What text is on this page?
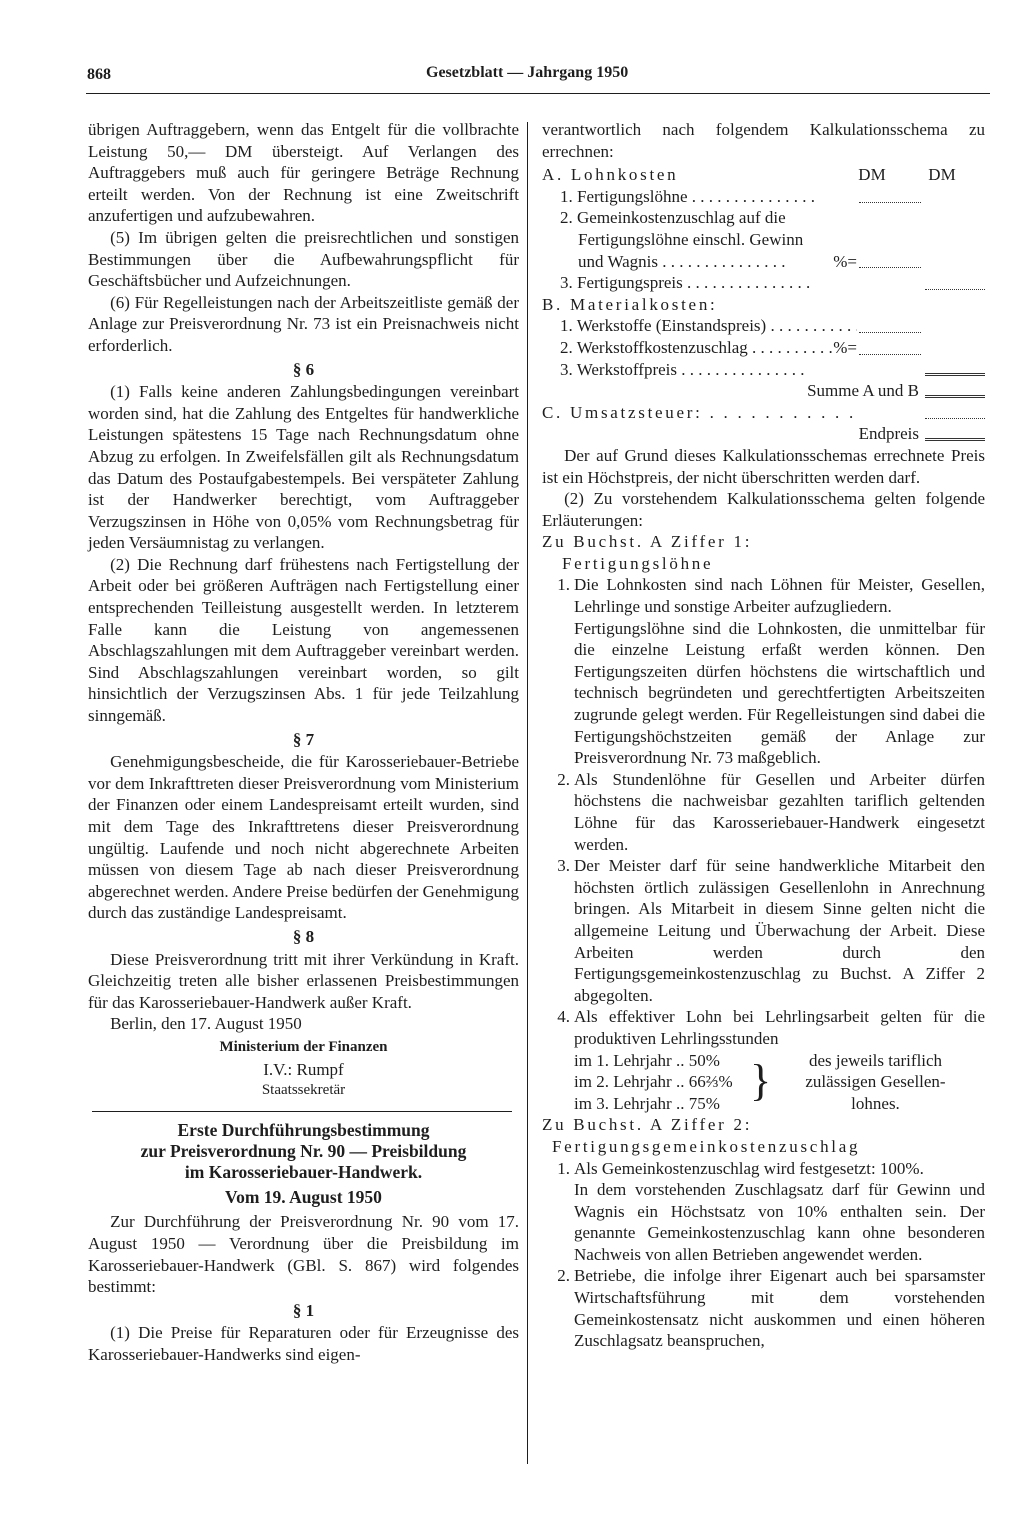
868	Gesetzblatt — Jahrgang 1950

übrigen Auftraggebern, wenn das Entgelt für die vollbrachte Leistung 50,— DM übersteigt. Auf Verlangen des Auftraggebers muß auch für geringere Beträge Rechnung erteilt werden. Von der Rechnung ist eine Zweitschrift anzufertigen und aufzubewahren.

(5) Im übrigen gelten die preisrechtlichen und sonstigen Bestimmungen über die Aufbewahrungspflicht für Geschäftsbücher und Aufzeichnungen.

(6) Für Regelleistungen nach der Arbeitszeitliste gemäß der Anlage zur Preisverordnung Nr. 73 ist ein Preisnachweis nicht erforderlich.

§ 6

(1) Falls keine anderen Zahlungsbedingungen vereinbart worden sind, hat die Zahlung des Entgeltes für handwerkliche Leistungen spätestens 15 Tage nach Rechnungsdatum ohne Abzug zu erfolgen. In Zweifelsfällen gilt als Rechnungsdatum das Datum des Postaufgabestempels. Bei verspäteter Zahlung ist der Handwerker berechtigt, vom Auftraggeber Verzugszinsen in Höhe von 0,05% vom Rechnungsbetrag für jeden Versäumnistag zu verlangen.

(2) Die Rechnung darf frühestens nach Fertigstellung der Arbeit oder bei größeren Aufträgen nach Fertigstellung einer entsprechenden Teilleistung ausgestellt werden. In letzterem Falle kann die Leistung von angemessenen Abschlagszahlungen mit dem Auftraggeber vereinbart werden. Sind Abschlagszahlungen vereinbart worden, so gilt hinsichtlich der Verzugszinsen Abs. 1 für jede Teilzahlung sinngemäß.

§ 7

Genehmigungsbescheide, die für Karosseriebauer-Betriebe vor dem Inkrafttreten dieser Preisverordnung vom Ministerium der Finanzen oder einem Landespreisamt erteilt wurden, sind mit dem Tage des Inkrafttretens dieser Preisverordnung ungültig. Laufende und noch nicht abgerechnete Arbeiten müssen von diesem Tage ab nach dieser Preisverordnung abgerechnet werden. Andere Preise bedürfen der Genehmigung durch das zuständige Landespreisamt.

§ 8

Diese Preisverordnung tritt mit ihrer Verkündung in Kraft. Gleichzeitig treten alle bisher erlassenen Preisbestimmungen für das Karosseriebauer-Handwerk außer Kraft.

Berlin, den 17. August 1950

Ministerium der Finanzen

I.V.: Rumpf

Staatssekretär

Erste Durchführungsbestimmung
zur Preisverordnung Nr. 90 — Preisbildung
im Karosseriebauer-Handwerk.
Vom 19. August 1950

Zur Durchführung der Preisverordnung Nr. 90 vom 17. August 1950 — Verordnung über die Preisbildung im Karosseriebauer-Handwerk (GBl. S. 867) wird folgendes bestimmt:

§ 1

(1) Die Preise für Reparaturen oder für Erzeugnisse des Karosseriebauer-Handwerks sind eigen-

verantwortlich nach folgendem Kalkulationsschema zu errechnen:

A. Lohnkosten	DM	DM
1. Fertigungslöhne . . .
2. Gemeinkostenzuschlag auf die
Fertigungslöhne einschl. Gewinn
und Wagnis . . .	%=
3. Fertigungspreis . . .
B. Materialkosten:
1. Werkstoffe (Einstandspreis) . . .
2. Werkstoffkostenzuschlag . . .	%=
3. Werkstoffpreis . . .
Summe A und B
C. Umsatzsteuer: . . .
Endpreis

Der auf Grund dieses Kalkulationsschemas errechnete Preis ist ein Höchstpreis, der nicht überschritten werden darf.

(2) Zu vorstehendem Kalkulationsschema gelten folgende Erläuterungen:

Zu Buchst. A Ziffer 1:
Fertigungslöhne
1. Die Lohnkosten sind nach Löhnen für Meister, Gesellen, Lehrlinge und sonstige Arbeiter aufzugliedern.
Fertigungslöhne sind die Lohnkosten, die unmittelbar für die einzelne Leistung erfaßt werden können. Den Fertigungszeiten dürfen höchstens die wirtschaftlich und technisch begründeten und gerechtfertigten Arbeitszeiten zugrunde gelegt werden. Für Regelleistungen sind dabei die Fertigungshöchstzeiten gemäß der Anlage zur Preisverordnung Nr. 73 maßgeblich.
2. Als Stundenlöhne für Gesellen und Arbeiter dürfen höchstens die nachweisbar gezahlten tariflich geltenden Löhne für das Karosseriebauer-Handwerk eingesetzt werden.
3. Der Meister darf für seine handwerkliche Mitarbeit den höchsten örtlich zulässigen Gesellenlohn in Anrechnung bringen. Als Mitarbeit in diesem Sinne gelten nicht die allgemeine Leitung und Überwachung der Arbeit. Diese Arbeiten werden durch den Fertigungsgemeinkostenzuschlag zu Buchst. A Ziffer 2 abgegolten.
4. Als effektiver Lohn bei Lehrlingsarbeit gelten für die produktiven Lehrlingsstunden
im 1. Lehrjahr .. 50%
im 2. Lehrjahr .. 66⅔%
im 3. Lehrjahr .. 75% }	des jeweils tariflich
zulässigen Gesellen-
lohnes.
Zu Buchst. A Ziffer 2:
Fertigungsgemeinkostenzuschlag
1. Als Gemeinkostenzuschlag wird festgesetzt: 100%.
In dem vorstehenden Zuschlagsatz darf für Gewinn und Wagnis ein Höchstsatz von 10% enthalten sein. Der genannte Gemeinkostenzuschlag kann ohne besonderen Nachweis von allen Betrieben angewendet werden.
2. Betriebe, die infolge ihrer Eigenart auch bei sparsamster Wirtschaftsführung mit dem vorstehenden Gemeinkostensatz nicht auskommen und einen höheren Zuschlagsatz beanspruchen,
